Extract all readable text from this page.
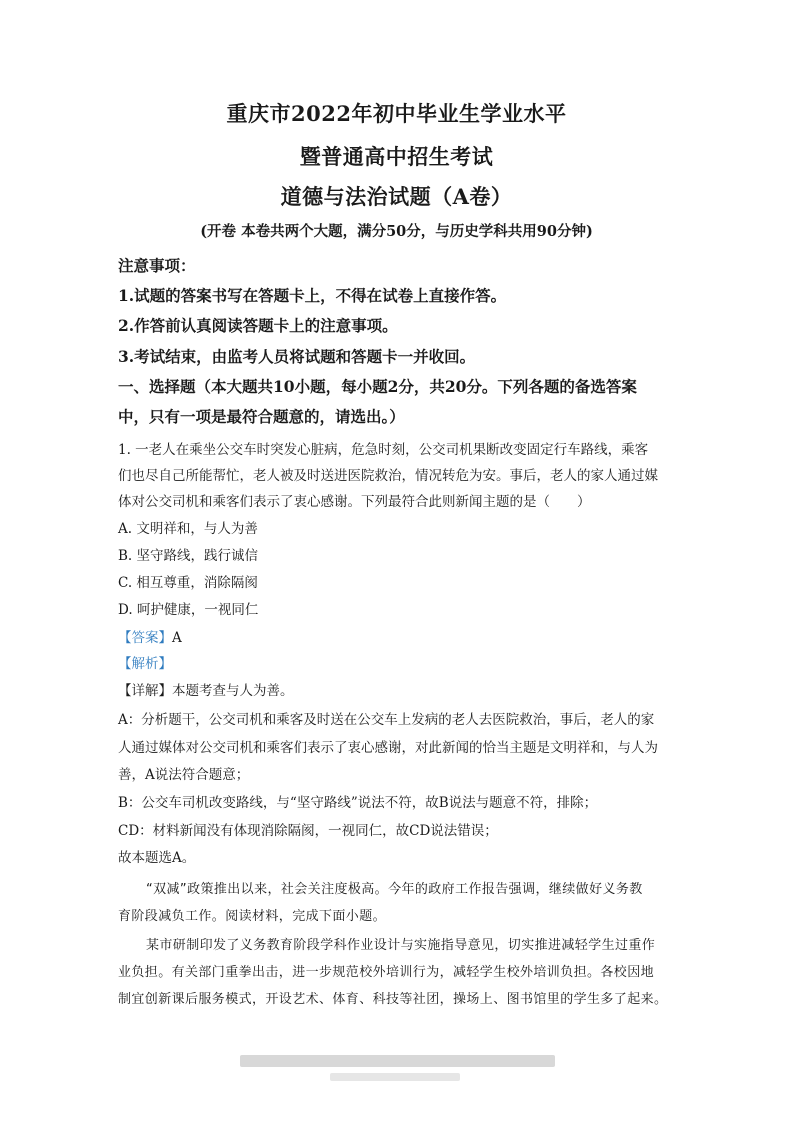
重庆市2022年初中毕业生学业水平
暨普通高中招生考试
道德与法治试题（A卷）
(开卷 本卷共两个大题，满分50分，与历史学科共用90分钟)
注意事项：
1.试题的答案书写在答题卡上，不得在试卷上直接作答。
2.作答前认真阅读答题卡上的注意事项。
3.考试结束，由监考人员将试题和答题卡一并收回。
一、选择题（本大题共10小题，每小题2分，共20分。下列各题的备选答案
中，只有一项是最符合题意的，请选出。）
1. 一老人在乘坐公交车时突发心脏病，危急时刻，公交司机果断改变固定行车路线，乘客
们也尽自己所能帮忙，老人被及时送进医院救治，情况转危为安。事后，老人的家人通过媒
体对公交司机和乘客们表示了衷心感谢。下列最符合此则新闻主题的是（　　）
A. 文明祥和，与人为善
B. 坚守路线，践行诚信
C. 相互尊重，消除隔阂
D. 呵护健康，一视同仁
【答案】A
【解析】
【详解】本题考查与人为善。
A：分析题干，公交司机和乘客及时送在公交车上发病的老人去医院救治，事后，老人的家
人通过媒体对公交司机和乘客们表示了衷心感谢，对此新闻的恰当主题是文明祥和，与人为
善，A说法符合题意；
B：公交车司机改变路线，与“坚守路线”说法不符，故B说法与题意不符，排除；
CD：材料新闻没有体现消除隔阂，一视同仁，故CD说法错误；
故本题选A。
“双减”政策推出以来，社会关注度极高。今年的政府工作报告强调，继续做好义务教
育阶段减负工作。阅读材料，完成下面小题。
某市研制印发了义务教育阶段学科作业设计与实施指导意见，切实推进减轻学生过重作
业负担。有关部门重拳出击，进一步规范校外培训行为，减轻学生校外培训负担。各校因地
制宜创新课后服务模式，开设艺术、体育、科技等社团，操场上、图书馆里的学生多了起来。
